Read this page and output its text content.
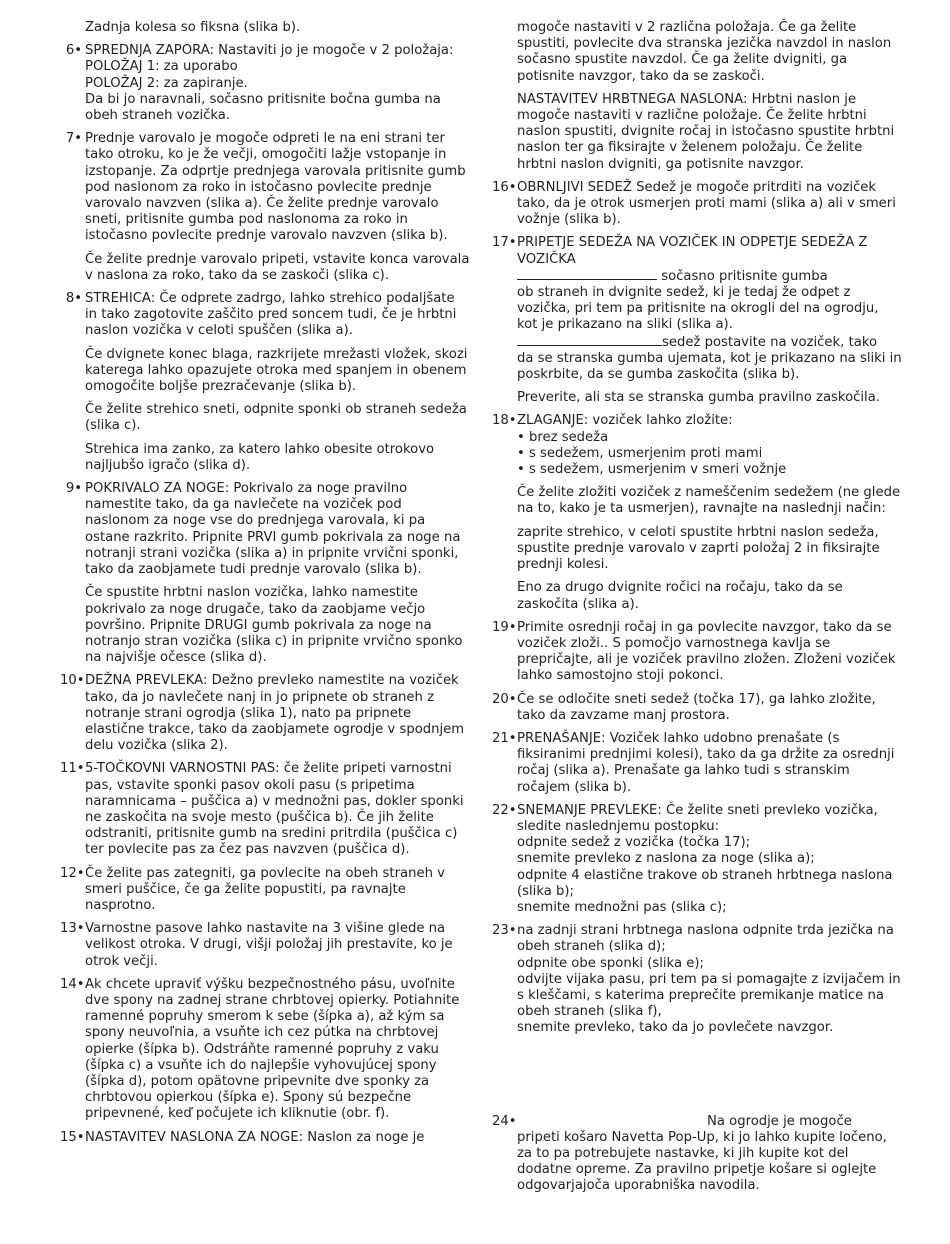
Zadnja kolesa so fiksna (slika b).

6• SPREDNJA ZAPORA: Nastaviti jo je mogoče v 2 položaja:
POLOŽAJ 1: za uporabo
POLOŽAJ 2: za zapiranje.
Da bi jo naravnali, sočasno pritisnite bočna gumba na obeh straneh vozička.
7• Prednje varovalo je mogoče odpreti le na eni strani ter tako otroku, ko je že večji, omogočiti lažje vstopanje in izstopanje. Za odprtje prednjega varovala pritisnite gumb pod naslonom za roko in istočasno povlecite prednje varovalo navzven (slika a). Če želite prednje varovalo sneti, pritisnite gumba pod naslonoma za roko in istočasno povlecite prednje varovalo navzven (slika b).
Če želite prednje varovalo pripeti, vstavite konca varovala v naslona za roko, tako da se zaskoči (slika c).
8• STREHICA: Če odprete zadrgo, lahko strehico podaljšate in tako zagotovite zaščito pred soncem tudi, če je hrbtni naslon vozička v celoti spuščen (slika a).
Če dvignete konec blaga, razkrijete mrežasti vložek, skozi katerega lahko opazujete otroka med spanjem in obenem omogočite boljše prezračevanje (slika b).
Če želite strehico sneti, odpnite sponki ob straneh sedeža (slika c).
Strehica ima zanko, za katero lahko obesite otrokovo najljubšo igračo (slika d).
9• POKRIVALO ZA NOGE: Pokrivalo za noge pravilno namestite tako, da ga navlečete na voziček pod naslonom za noge vse do prednjega varovala, ki pa ostane razkrito. Pripnite PRVI gumb pokrivala za noge na notranji strani vozička (slika a) in pripnite vrvični sponki, tako da zaobjamete tudi prednje varovalo (slika b).
Če spustite hrbtni naslon vozička, lahko namestite pokrivalo za noge drugače, tako da zaobjame večjo površino. Pripnite DRUGI gumb pokrivala za noge na notranjo stran vozička (slika c) in pripnite vrvično sponko na najvišje očesce (slika d).
10• DEŽNA PREVLEKA: Dežno prevleko namestite na voziček tako, da jo navlečete nanj in jo pripnete ob straneh z notranje strani ogrodja (slika 1), nato pa pripnete elastične trakce, tako da zaobjamete ogrodje v spodnjem delu vozička (slika 2).
11• 5-TOČKOVNI VARNOSTNI PAS: če želite pripeti varnostni pas, vstavite sponki pasov okoli pasu (s pripetima naramnicama – puščica a) v mednožni pas, dokler sponki ne zaskočita na svoje mesto (puščica b). Če jih želite odstraniti, pritisnite gumb na sredini pritrdila (puščica c) ter povlecite pas za čez pas navzven (puščica d).
12• Če želite pas zategniti, ga povlecite na obeh straneh v smeri puščice, če ga želite popustiti, pa ravnajte nasprotno.
13• Varnostne pasove lahko nastavite na 3 višine glede na velikost otroka. V drugi, višji položaj jih prestavite, ko je otrok večji.
14• Ak chcete upraviť výšku bezpečnostného pásu, uvoľnite dve spony na zadnej strane chrbtovej opierky. Potiahnite ramenné popruhy smerom k sebe (šípka a), až kým sa spony neuvoľnia, a vsuňte ich cez pútka na chrbtovej opierke (šípka b). Odstráňte ramenné popruhy z vaku (šípka c) a vsuňte ich do najlepšie vyhovujúcej spony (šípka d), potom opätovne pripevnite dve sponky za chrbtovou opierkou (šípka e). Spony sú bezpečne pripevnené, keď počujete ich kliknutie (obr. f).
15• NASTAVITEV NASLONA ZA NOGE: Naslon za noge je

mogoče nastaviti v 2 različna položaja. Če ga želite spustiti, povlecite dva stranska jezička navzdol in naslon sočasno spustite navzdol. Če ga želite dvigniti, ga potisnite navzgor, tako da se zaskoči.

NASTAVITEV HRBTNEGA NASLONA: Hrbtni naslon je mogoče nastaviti v različne položaje. Če želite hrbtni naslon spustiti, dvignite ročaj in istočasno spustite hrbtni naslon ter ga fiksirajte v želenem položaju. Če želite hrbtni naslon dvigniti, ga potisnite navzgor.

16• OBRNLJIVI SEDEŽ Sedež je mogoče pritrditi na voziček tako, da je otrok usmerjen proti mami (slika a) ali v smeri vožnje (slika b).

17• PRIPETJE SEDEŽA NA VOZIČEK IN ODPETJE SEDEŽA Z VOZIČKA

sočasno pritisnite gumba

ob straneh in dvignite sedež, ki je tedaj že odpet z vozička, pri tem pa pritisnite na okrogli del na ogrodju, kot je prikazano na sliki (slika a).

sedež postavite na voziček, tako

da se stranska gumba ujemata, kot je prikazano na sliki in poskrbite, da se gumba zaskočita (slika b).

Preverite, ali sta se stranska gumba pravilno zaskočila.

18• ZLAGANJE: voziček lahko zložite:
• brez sedeža
• s sedežem, usmerjenim proti mami
• s sedežem, usmerjenim v smeri vožnje

Če želite zložiti voziček z nameščenim sedežem (ne glede na to, kako je ta usmerjen), ravnajte na naslednji način:

zaprite strehico, v celoti spustite hrbtni naslon sedeža, spustite prednje varovalo v zaprti položaj 2 in fiksirajte prednji kolesi.

Eno za drugo dvignite ročici na ročaju, tako da se zaskočita (slika a).

19• Primite osrednji ročaj in ga povlecite navzgor, tako da se voziček zloži.. S pomočjo varnostnega kavlja se prepričajte, ali je voziček pravilno zložen. Zloženi voziček lahko samostojno stoji pokonci.

20• Če se odločite sneti sedež (točka 17), ga lahko zložite, tako da zavzame manj prostora.

21• PRENAŠANJE: Voziček lahko udobno prenašate (s fiksiranimi prednjimi kolesi), tako da ga držite za osrednji ročaj (slika a). Prenašate ga lahko tudi s stranskim ročajem (slika b).

22• SNEMANJE PREVLEKE: Če želite sneti prevleko vozička, sledite naslednjemu postopku:
odpnite sedež z vozička (točka 17);
snemite prevleko z naslona za noge (slika a);
odpnite 4 elastične trakove ob straneh hrbtnega naslona (slika b);
snemite mednožni pas (slika c);
23• na zadnji strani hrbtnega naslona odpnite trda jezička na obeh straneh (slika d);
odpnite obe sponki (slika e);
odvijte vijaka pasu, pri tem pa si pomagajte z izvijačem in s kleščami, s katerima preprečite premikanje matice na obeh straneh (slika f),
snemite prevleko, tako da jo povlečete navzgor.
24•	Na ogrodje je mogoče

pripeti košaro Navetta Pop-Up, ki jo lahko kupite ločeno, za to pa potrebujete nastavke, ki jih kupite kot del dodatne opreme. Za pravilno pripetje košare si oglejte odgovarjajoča uporabniška navodila.
